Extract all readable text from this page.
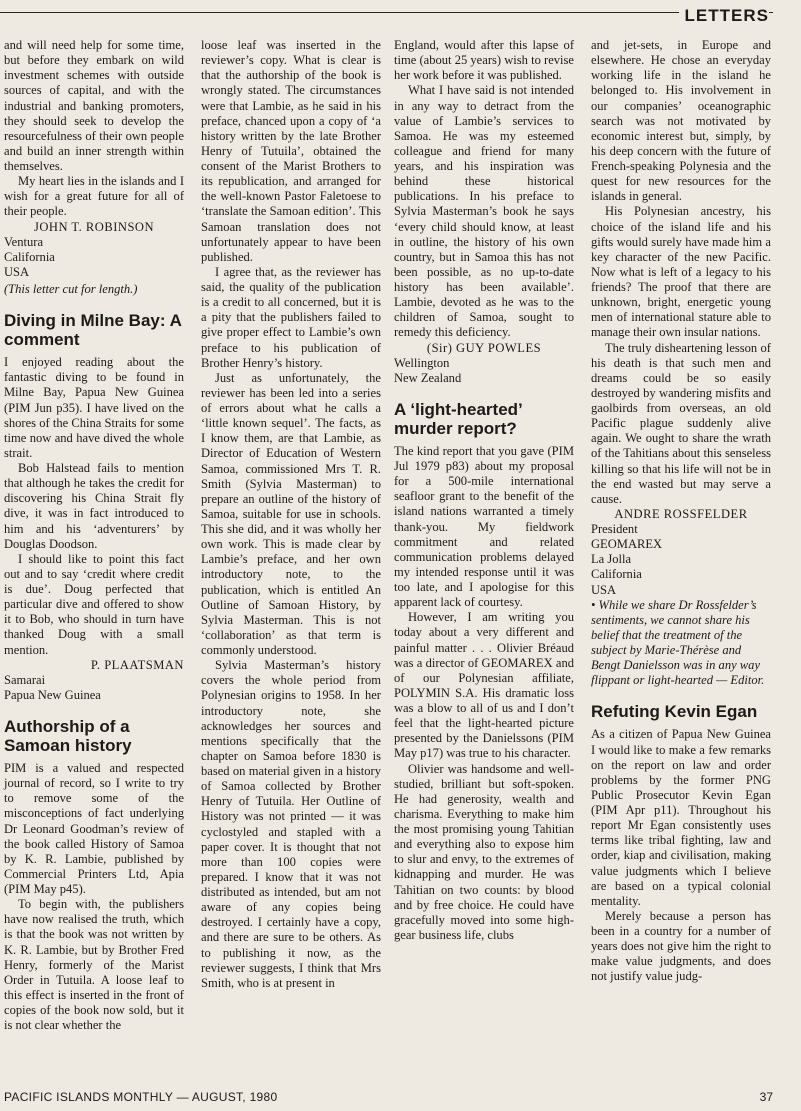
LETTERS

and will need help for some time, but before they embark on wild investment schemes with outside sources of capital, and with the industrial and banking promoters, they should seek to develop the resourcefulness of their own people and build an inner strength within themselves.

My heart lies in the islands and I wish for a great future for all of their people.

JOHN T. ROBINSON

Ventura

California

USA

(This letter cut for length.)

Diving in Milne Bay: A comment

I enjoyed reading about the fantastic diving to be found in Milne Bay, Papua New Guinea (PIM Jun p35). I have lived on the shores of the China Straits for some time now and have dived the whole strait.

Bob Halstead fails to mention that although he takes the credit for discovering his China Strait fly dive, it was in fact introduced to him and his ‘adventurers’ by Douglas Doodson.

I should like to point this fact out and to say ‘credit where credit is due’. Doug perfected that particular dive and offered to show it to Bob, who should in turn have thanked Doug with a small mention.

P. PLAATSMAN

Samarai

Papua New Guinea

Authorship of a Samoan history

PIM is a valued and respected journal of record, so I write to try to remove some of the misconceptions of fact underlying Dr Leonard Goodman’s review of the book called History of Samoa by K. R. Lambie, published by Commercial Printers Ltd, Apia (PIM May p45).

To begin with, the publishers have now realised the truth, which is that the book was not written by K. R. Lambie, but by Brother Fred Henry, formerly of the Marist Order in Tutuila. A loose leaf to this effect is inserted in the front of copies of the book now sold, but it is not clear whether the

loose leaf was inserted in the reviewer’s copy. What is clear is that the authorship of the book is wrongly stated. The circumstances were that Lambie, as he said in his preface, chanced upon a copy of ‘a history written by the late Brother Henry of Tutuila’, obtained the consent of the Marist Brothers to its republication, and arranged for the well-known Pastor Faletoese to ‘translate the Samoan edition’. This Samoan translation does not unfortunately appear to have been published.

I agree that, as the reviewer has said, the quality of the publication is a credit to all concerned, but it is a pity that the publishers failed to give proper effect to Lambie’s own preface to his publication of Brother Henry’s history.

Just as unfortunately, the reviewer has been led into a series of errors about what he calls a ‘little known sequel’. The facts, as I know them, are that Lambie, as Director of Education of Western Samoa, commissioned Mrs T. R. Smith (Sylvia Masterman) to prepare an outline of the history of Samoa, suitable for use in schools. This she did, and it was wholly her own work. This is made clear by Lambie’s preface, and her own introductory note, to the publication, which is entitled An Outline of Samoan History, by Sylvia Masterman. This is not ‘collaboration’ as that term is commonly understood.

Sylvia Masterman’s history covers the whole period from Polynesian origins to 1958. In her introductory note, she acknowledges her sources and mentions specifically that the chapter on Samoa before 1830 is based on material given in a history of Samoa collected by Brother Henry of Tutuila. Her Outline of History was not printed — it was cyclostyled and stapled with a paper cover. It is thought that not more than 100 copies were prepared. I know that it was not distributed as intended, but am not aware of any copies being destroyed. I certainly have a copy, and there are sure to be others. As to publishing it now, as the reviewer suggests, I think that Mrs Smith, who is at present in

England, would after this lapse of time (about 25 years) wish to revise her work before it was published.

What I have said is not intended in any way to detract from the value of Lambie’s services to Samoa. He was my esteemed colleague and friend for many years, and his inspiration was behind these historical publications. In his preface to Sylvia Masterman’s book he says ‘every child should know, at least in outline, the history of his own country, but in Samoa this has not been possible, as no up-to-date history has been available’. Lambie, devoted as he was to the children of Samoa, sought to remedy this deficiency.

(Sir) GUY POWLES

Wellington

New Zealand

A ‘light-hearted’ murder report?

The kind report that you gave (PIM Jul 1979 p83) about my proposal for a 500-mile international seafloor grant to the benefit of the island nations warranted a timely thank-you. My fieldwork commitment and related communication problems delayed my intended response until it was too late, and I apologise for this apparent lack of courtesy.

However, I am writing you today about a very different and painful matter . . . Olivier Bréaud was a director of GEOMAREX and of our Polynesian affiliate, POLYMIN S.A. His dramatic loss was a blow to all of us and I don’t feel that the light-hearted picture presented by the Danielssons (PIM May p17) was true to his character.

Olivier was handsome and well-studied, brilliant but soft-spoken. He had generosity, wealth and charisma. Everything to make him the most promising young Tahitian and everything also to expose him to slur and envy, to the extremes of kidnapping and murder. He was Tahitian on two counts: by blood and by free choice. He could have gracefully moved into some high-gear business life, clubs

and jet-sets, in Europe and elsewhere. He chose an everyday working life in the island he belonged to. His involvement in our companies’ oceanographic search was not motivated by economic interest but, simply, by his deep concern with the future of French-speaking Polynesia and the quest for new resources for the islands in general.

His Polynesian ancestry, his choice of the island life and his gifts would surely have made him a key character of the new Pacific. Now what is left of a legacy to his friends? The proof that there are unknown, bright, energetic young men of international stature able to manage their own insular nations.

The truly disheartening lesson of his death is that such men and dreams could be so easily destroyed by wandering misfits and gaolbirds from overseas, an old Pacific plague suddenly alive again. We ought to share the wrath of the Tahitians about this senseless killing so that his life will not be in the end wasted but may serve a cause.

ANDRE ROSSFELDER

President

GEOMAREX

La Jolla

California

USA

• While we share Dr Rossfelder’s sentiments, we cannot share his belief that the treatment of the subject by Marie-Thérèse and Bengt Danielsson was in any way flippant or light-hearted — Editor.

Refuting Kevin Egan

As a citizen of Papua New Guinea I would like to make a few remarks on the report on law and order problems by the former PNG Public Prosecutor Kevin Egan (PIM Apr p11). Throughout his report Mr Egan consistently uses terms like tribal fighting, law and order, kiap and civilisation, making value judgments which I believe are based on a typical colonial mentality.

Merely because a person has been in a country for a number of years does not give him the right to make value judgments, and does not justify value judg-

PACIFIC ISLANDS MONTHLY — AUGUST, 1980	37
